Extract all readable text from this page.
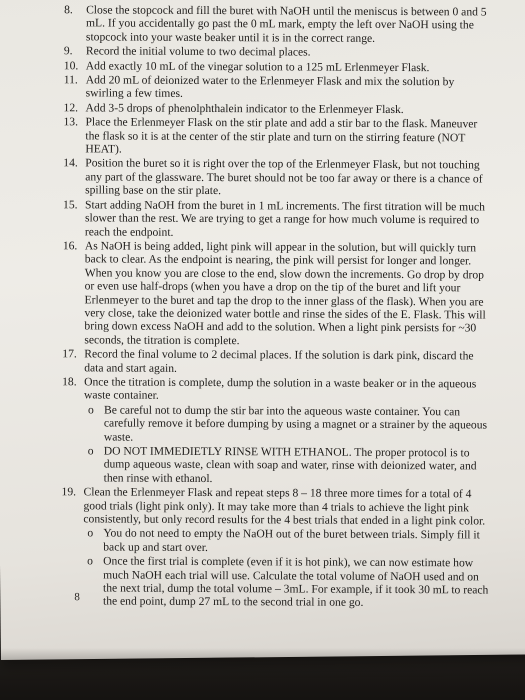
8. Close the stopcock and fill the buret with NaOH until the meniscus is between 0 and 5 mL. If you accidentally go past the 0 mL mark, empty the left over NaOH using the stopcock into your waste beaker until it is in the correct range.
9. Record the initial volume to two decimal places.
10. Add exactly 10 mL of the vinegar solution to a 125 mL Erlenmeyer Flask.
11. Add 20 mL of deionized water to the Erlenmeyer Flask and mix the solution by swirling a few times.
12. Add 3-5 drops of phenolphthalein indicator to the Erlenmeyer Flask.
13. Place the Erlenmeyer Flask on the stir plate and add a stir bar to the flask. Maneuver the flask so it is at the center of the stir plate and turn on the stirring feature (NOT HEAT).
14. Position the buret so it is right over the top of the Erlenmeyer Flask, but not touching any part of the glassware. The buret should not be too far away or there is a chance of spilling base on the stir plate.
15. Start adding NaOH from the buret in 1 mL increments. The first titration will be much slower than the rest. We are trying to get a range for how much volume is required to reach the endpoint.
16. As NaOH is being added, light pink will appear in the solution, but will quickly turn back to clear. As the endpoint is nearing, the pink will persist for longer and longer. When you know you are close to the end, slow down the increments. Go drop by drop or even use half-drops (when you have a drop on the tip of the buret and lift your Erlenmeyer to the buret and tap the drop to the inner glass of the flask). When you are very close, take the deionized water bottle and rinse the sides of the E. Flask. This will bring down excess NaOH and add to the solution. When a light pink persists for ~30 seconds, the titration is complete.
17. Record the final volume to 2 decimal places. If the solution is dark pink, discard the data and start again.
18. Once the titration is complete, dump the solution in a waste beaker or in the aqueous waste container.
o Be careful not to dump the stir bar into the aqueous waste container. You can carefully remove it before dumping by using a magnet or a strainer by the aqueous waste.
o DO NOT IMMEDIETLY RINSE WITH ETHANOL. The proper protocol is to dump aqueous waste, clean with soap and water, rinse with deionized water, and then rinse with ethanol.
19. Clean the Erlenmeyer Flask and repeat steps 8 – 18 three more times for a total of 4 good trials (light pink only). It may take more than 4 trials to achieve the light pink consistently, but only record results for the 4 best trials that ended in a light pink color.
o You do not need to empty the NaOH out of the buret between trials. Simply fill it back up and start over.
o Once the first trial is complete (even if it is hot pink), we can now estimate how much NaOH each trial will use. Calculate the total volume of NaOH used and on the next trial, dump the total volume – 3mL. For example, if it took 30 mL to reach the end point, dump 27 mL to the second trial in one go.
8
